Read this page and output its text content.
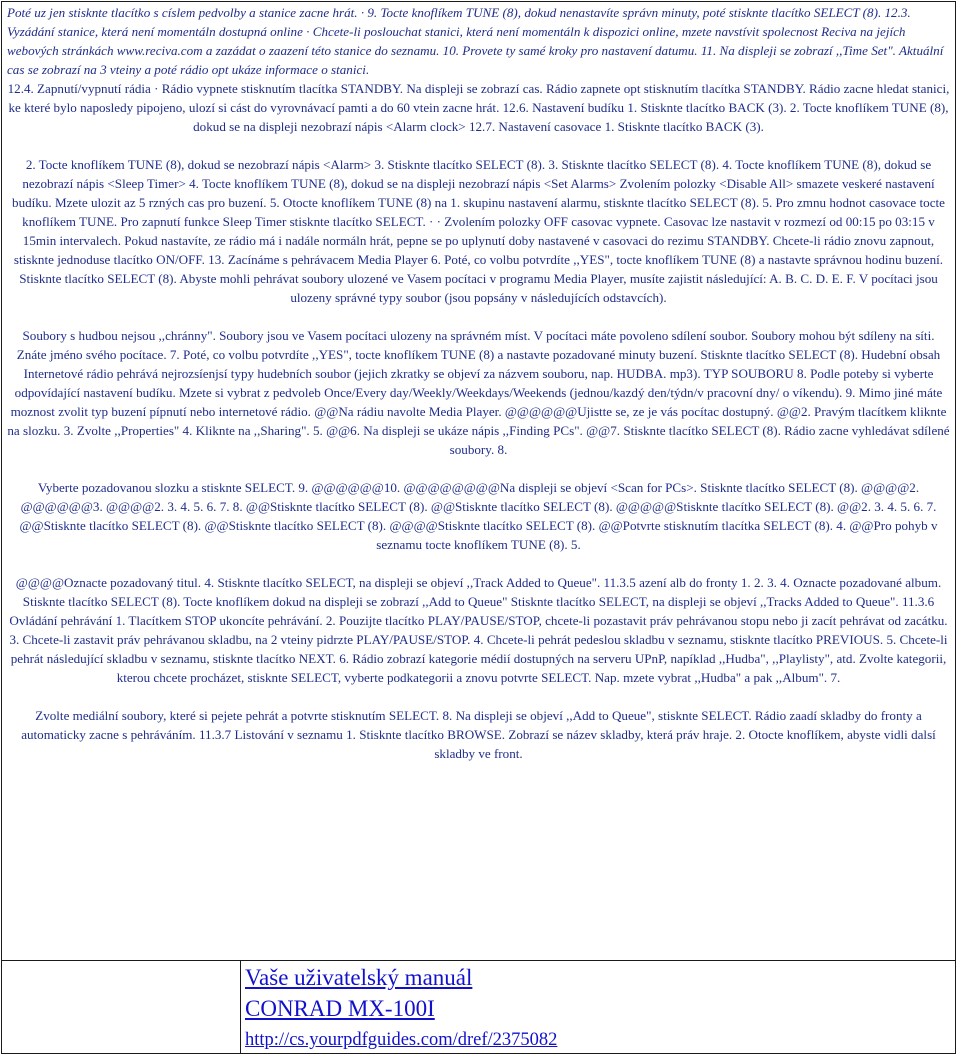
Poté uz jen stisknte tlacítko s císlem pedvolby a stanice zacne hrát. · 9. Tocte knoflíkem TUNE (8), dokud nenastavíte správn minuty, poté stisknte tlacítko SELECT (8). 12.3. Vyzádání stanice, která není momentáln dostupná online · Chcete-li poslouchat stanici, která není momentáln k dispozici online, mzete navstívit spolecnost Reciva na jejích webových stránkách www.reciva.com a zazádat o zaazení této stanice do seznamu. 10. Provete ty samé kroky pro nastavení datumu. 11. Na displeji se zobrazí ,,Time Set". Aktuální cas se zobrazí na 3 vteiny a poté rádio opt ukáze informace o stanici.

12.4. Zapnutí/vypnutí rádia · Rádio vypnete stisknutím tlacítka STANDBY. Na displeji se zobrazí cas. Rádio zapnete opt stisknutím tlacítka STANDBY. Rádio zacne hledat stanici, ke které bylo naposledy pipojeno, ulozí si cást do vyrovnávací pamti a do 60 vtein zacne hrát. 12.6. Nastavení budíku 1. Stisknte tlacítko BACK (3). 2. Tocte knoflíkem TUNE (8), dokud se na displeji nezobrazí nápis <Alarm clock> 12.7. Nastavení casovace 1. Stisknte tlacítko BACK (3).

2. Tocte knoflíkem TUNE (8), dokud se nezobrazí nápis <Alarm> 3. Stisknte tlacítko SELECT (8). 3. Stisknte tlacítko SELECT (8). 4. Tocte knoflíkem TUNE (8), dokud se nezobrazí nápis <Sleep Timer> 4. Tocte knoflíkem TUNE (8), dokud se na displeji nezobrazí nápis <Set Alarms> Zvolením polozky <Disable All> smazete veskeré nastavení budíku. Mzete ulozit az 5 rzných cas pro buzení. 5. Otocte knoflíkem TUNE (8) na 1. skupinu nastavení alarmu, stisknte tlacítko SELECT (8). 5. Pro zmnu hodnot casovace tocte knoflíkem TUNE. Pro zapnutí funkce Sleep Timer stisknte tlacítko SELECT. · · Zvolením polozky OFF casovac vypnete. Casovac lze nastavit v rozmezí od 00:15 po 03:15 v 15min intervalech. Pokud nastavíte, ze rádio má i nadále normáln hrát, pepne se po uplynutí doby nastavené v casovaci do rezimu STANDBY. Chcete-li rádio znovu zapnout, stisknte jednoduse tlacítko ON/OFF. 13. Zacínáme s pehrávacem Media Player 6. Poté, co volbu potvrdíte ,,YES", tocte knoflíkem TUNE (8) a nastavte správnou hodinu buzení. Stisknte tlacítko SELECT (8). Abyste mohli pehrávat soubory ulozené ve Vasem pocítaci v programu Media Player, musíte zajistit následující: A. B. C. D. E. F. V pocítaci jsou ulozeny správné typy soubor (jsou popsány v následujících odstavcích).

Soubory s hudbou nejsou ,,chránny". Soubory jsou ve Vasem pocítaci ulozeny na správném míst. V pocítaci máte povoleno sdílení soubor. Soubory mohou být sdíleny na síti. Znáte jméno svého pocítace. 7. Poté, co volbu potvrdíte ,,YES", tocte knoflíkem TUNE (8) a nastavte pozadované minuty buzení. Stisknte tlacítko SELECT (8). Hudební obsah Internetové rádio pehrává nejrozsíenjsí typy hudebních soubor (jejich zkratky se objeví za názvem souboru, nap. HUDBA. mp3). TYP SOUBORU 8. Podle poteby si vyberte odpovídající nastavení budíku. Mzete si vybrat z pedvoleb Once/Every day/Weekly/Weekdays/Weekends (jednou/kazdý den/týdn/v pracovní dny/ o víkendu). 9. Mimo jiné máte moznost zvolit typ buzení pípnutí nebo internetové rádio. @@Na rádiu navolte Media Player. @@@@@@Ujistte se, ze je vás pocítac dostupný. @@2. Pravým tlacítkem kliknte na slozku. 3. Zvolte ,,Properties" 4. Kliknte na ,,Sharing". 5. @@6. Na displeji se ukáze nápis ,,Finding PCs". @@7. Stisknte tlacítko SELECT (8). Rádio zacne vyhledávat sdílené soubory. 8.

Vyberte pozadovanou slozku a stisknte SELECT. 9. @@@@@@10. @@@@@@@@Na displeji se objeví <Scan for PCs>. Stisknte tlacítko SELECT (8). @@@@2. @@@@@@3. @@@@2. 3. 4. 5. 6. 7. 8. @@Stisknte tlacítko SELECT (8). @@Stisknte tlacítko SELECT (8). @@@@@Stisknte tlacítko SELECT (8). @@2. 3. 4. 5. 6. 7. @@Stisknte tlacítko SELECT (8). @@Stisknte tlacítko SELECT (8). @@@@Stisknte tlacítko SELECT (8). @@Potvrte stisknutím tlacítka SELECT (8). 4. @@Pro pohyb v seznamu tocte knoflíkem TUNE (8). 5.

@@@@Oznacte pozadovaný titul. 4. Stisknte tlacítko SELECT, na displeji se objeví ,,Track Added to Queue". 11.3.5 azení alb do fronty 1. 2. 3. 4. Oznacte pozadované album. Stisknte tlacítko SELECT (8). Tocte knoflíkem dokud na displeji se zobrazí ,,Add to Queue" Stisknte tlacítko SELECT, na displeji se objeví ,,Tracks Added to Queue". 11.3.6 Ovládání pehrávání 1. Tlacítkem STOP ukoncíte pehrávání. 2. Pouzijte tlacítko PLAY/PAUSE/STOP, chcete-li pozastavit práv pehrávanou stopu nebo ji zacít pehrávat od zacátku. 3. Chcete-li zastavit práv pehrávanou skladbu, na 2 vteiny pidrzte PLAY/PAUSE/STOP. 4. Chcete-li pehrát pedeslou skladbu v seznamu, stisknte tlacítko PREVIOUS. 5. Chcete-li pehrát následující skladbu v seznamu, stisknte tlacítko NEXT. 6. Rádio zobrazí kategorie médií dostupných na serveru UPnP, napíklad ,,Hudba", ,,Playlisty", atd. Zvolte kategorii, kterou chcete procházet, stisknte SELECT, vyberte podkategorii a znovu potvrte SELECT. Nap. mzete vybrat ,,Hudba" a pak ,,Album". 7.

Zvolte mediální soubory, které si pejete pehrát a potvrte stisknutím SELECT. 8. Na displeji se objeví ,,Add to Queue", stisknte SELECT. Rádio zaadí skladby do fronty a automaticky zacne s pehráváním. 11.3.7 Listování v seznamu 1. Stisknte tlacítko BROWSE. Zobrazí se název skladby, která práv hraje. 2. Otocte knoflíkem, abyste vidli dalsí skladby ve front.

Vaše uživatelský manuál
CONRAD MX-100I
http://cs.yourpdfguides.com/dref/2375082
